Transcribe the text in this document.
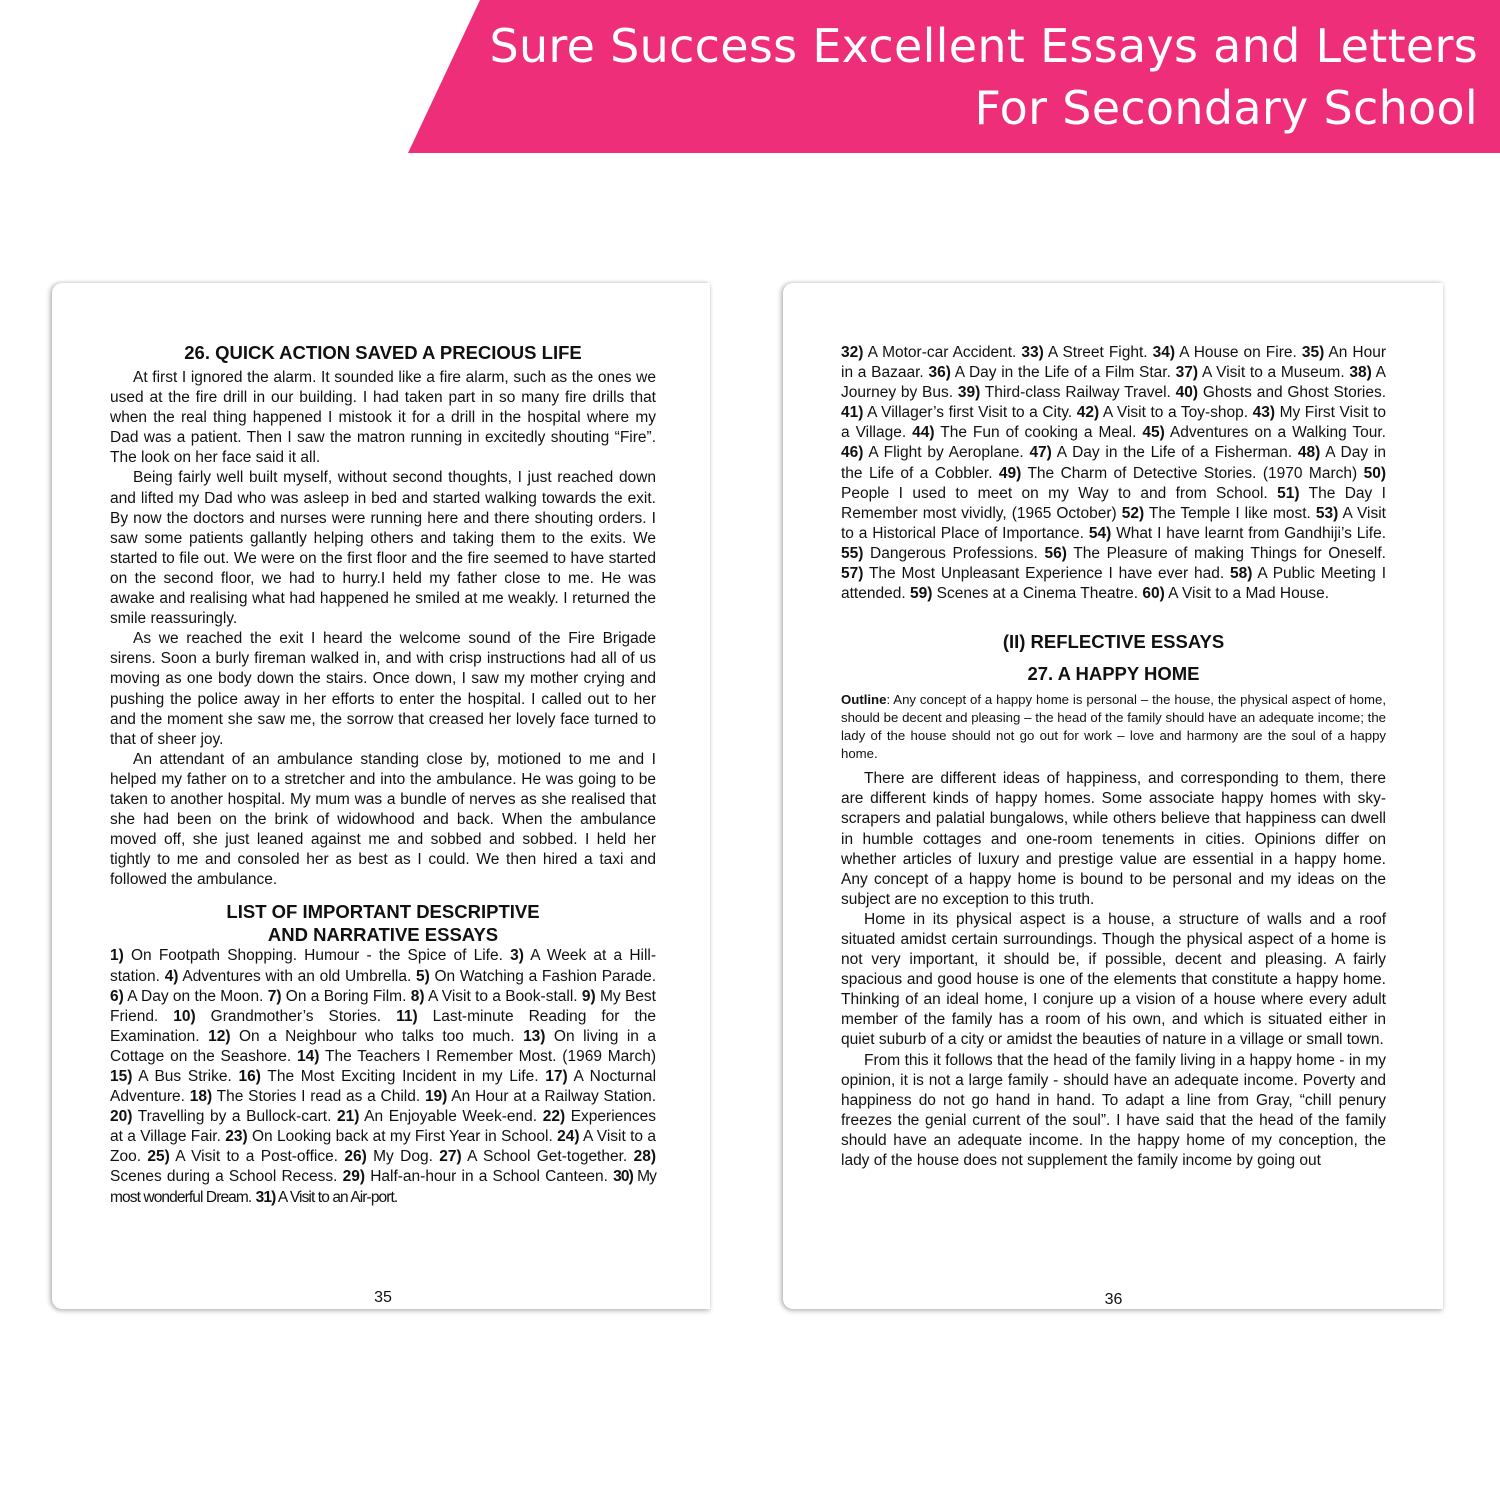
Sure Success Excellent Essays and Letters
For Secondary School
26. QUICK ACTION SAVED A PRECIOUS LIFE

At first I ignored the alarm. It sounded like a fire alarm, such as the ones we used at the fire drill in our building. I had taken part in so many fire drills that when the real thing happened I mistook it for a drill in the hospital where my Dad was a patient. Then I saw the matron running in excitedly shouting “Fire”. The look on her face said it all.

Being fairly well built myself, without second thoughts, I just reached down and lifted my Dad who was asleep in bed and started walking towards the exit. By now the doctors and nurses were running here and there shouting orders. I saw some patients gallantly helping others and taking them to the exits. We started to file out. We were on the first floor and the fire seemed to have started on the second floor, we had to hurry.I held my father close to me. He was awake and realising what had happened he smiled at me weakly. I returned the smile reassuringly.

As we reached the exit I heard the welcome sound of the Fire Brigade sirens. Soon a burly fireman walked in, and with crisp instructions had all of us moving as one body down the stairs. Once down, I saw my mother crying and pushing the police away in her efforts to enter the hospital. I called out to her and the moment she saw me, the sorrow that creased her lovely face turned to that of sheer joy.

An attendant of an ambulance standing close by, motioned to me and I helped my father on to a stretcher and into the ambulance. He was going to be taken to another hospital. My mum was a bundle of nerves as she realised that she had been on the brink of widowhood and back. When the ambulance moved off, she just leaned against me and sobbed and sobbed. I held her tightly to me and consoled her as best as I could. We then hired a taxi and followed the ambulance.

LIST OF IMPORTANT DESCRIPTIVE
AND NARRATIVE ESSAYS
1) On Footpath Shopping. Humour - the Spice of Life. 3) A Week at a Hill-station. 4) Adventures with an old Umbrella. 5) On Watching a Fashion Parade. 6) A Day on the Moon. 7) On a Boring Film. 8) A Visit to a Book-stall. 9) My Best Friend. 10) Grandmother’s Stories. 11) Last-minute Reading for the Examination. 12) On a Neighbour who talks too much. 13) On living in a Cottage on the Seashore. 14) The Teachers I Remember Most. (1969 March) 15) A Bus Strike. 16) The Most Exciting Incident in my Life. 17) A Nocturnal Adventure. 18) The Stories I read as a Child. 19) An Hour at a Railway Station. 20) Travelling by a Bullock-cart. 21) An Enjoyable Week-end. 22) Experiences at a Village Fair. 23) On Looking back at my First Year in School. 24) A Visit to a Zoo. 25) A Visit to a Post-office. 26) My Dog. 27) A School Get-together. 28) Scenes during a School Recess. 29) Half-an-hour in a School Canteen. 30) My most wonderful Dream. 31) A Visit to an Air-port.
35
32) A Motor-car Accident. 33) A Street Fight. 34) A House on Fire. 35) An Hour in a Bazaar. 36) A Day in the Life of a Film Star. 37) A Visit to a Museum. 38) A Journey by Bus. 39) Third-class Railway Travel. 40) Ghosts and Ghost Stories. 41) A Villager’s first Visit to a City. 42) A Visit to a Toy-shop. 43) My First Visit to a Village. 44) The Fun of cooking a Meal. 45) Adventures on a Walking Tour. 46) A Flight by Aeroplane. 47) A Day in the Life of a Fisherman. 48) A Day in the Life of a Cobbler. 49) The Charm of Detective Stories. (1970 March) 50) People I used to meet on my Way to and from School. 51) The Day I Remember most vividly, (1965 October) 52) The Temple I like most. 53) A Visit to a Historical Place of Importance. 54) What I have learnt from Gandhiji’s Life. 55) Dangerous Professions. 56) The Pleasure of making Things for Oneself. 57) The Most Unpleasant Experience I have ever had. 58) A Public Meeting I attended. 59) Scenes at a Cinema Theatre. 60) A Visit to a Mad House.
(II) REFLECTIVE ESSAYS
27. A HAPPY HOME

Outline: Any concept of a happy home is personal – the house, the physical aspect of home, should be decent and pleasing – the head of the family should have an adequate income; the lady of the house should not go out for work – love and harmony are the soul of a happy home.

There are different ideas of happiness, and corresponding to them, there are different kinds of happy homes. Some associate happy homes with sky-scrapers and palatial bungalows, while others believe that happiness can dwell in humble cottages and one-room tenements in cities. Opinions differ on whether articles of luxury and prestige value are essential in a happy home. Any concept of a happy home is bound to be personal and my ideas on the subject are no exception to this truth.

Home in its physical aspect is a house, a structure of walls and a roof situated amidst certain surroundings. Though the physical aspect of a home is not very important, it should be, if possible, decent and pleasing. A fairly spacious and good house is one of the elements that constitute a happy home. Thinking of an ideal home, I conjure up a vision of a house where every adult member of the family has a room of his own, and which is situated either in quiet suburb of a city or amidst the beauties of nature in a village or small town.

From this it follows that the head of the family living in a happy home - in my opinion, it is not a large family - should have an adequate income. Poverty and happiness do not go hand in hand. To adapt a line from Gray, “chill penury freezes the genial current of the soul”. I have said that the head of the family should have an adequate income. In the happy home of my conception, the lady of the house does not supplement the family income by going out

36
